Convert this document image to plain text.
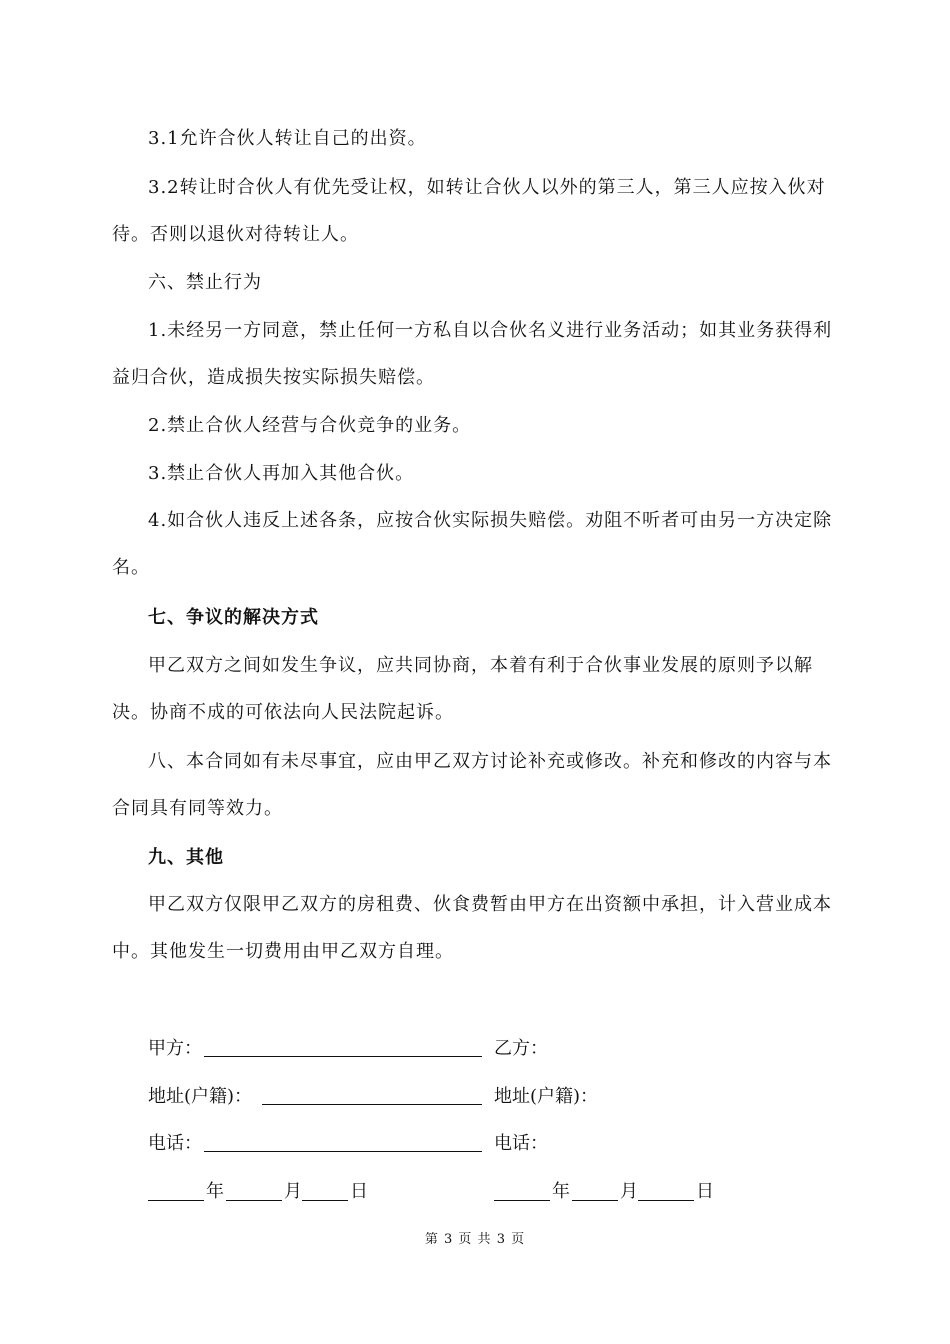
3.1允许合伙人转让自己的出资。

3.2转让时合伙人有优先受让权，如转让合伙人以外的第三人，第三人应按入伙对待。否则以退伙对待转让人。

六、禁止行为

1.未经另一方同意，禁止任何一方私自以合伙名义进行业务活动；如其业务获得利益归合伙，造成损失按实际损失赔偿。

2.禁止合伙人经营与合伙竞争的业务。

3.禁止合伙人再加入其他合伙。

4.如合伙人违反上述各条，应按合伙实际损失赔偿。劝阻不听者可由另一方决定除名。

七、争议的解决方式

甲乙双方之间如发生争议，应共同协商，本着有利于合伙事业发展的原则予以解决。协商不成的可依法向人民法院起诉。

八、本合同如有未尽事宜，应由甲乙双方讨论补充或修改。补充和修改的内容与本合同具有同等效力。

九、其他

甲乙双方仅限甲乙双方的房租费、伙食费暂由甲方在出资额中承担，计入营业成本中。其他发生一切费用由甲乙双方自理。

甲方：	乙方：
地址(户籍)：	地址(户籍)：
电话：	电话：
年	月	日	年	月	日
第 3 页 共 3 页
